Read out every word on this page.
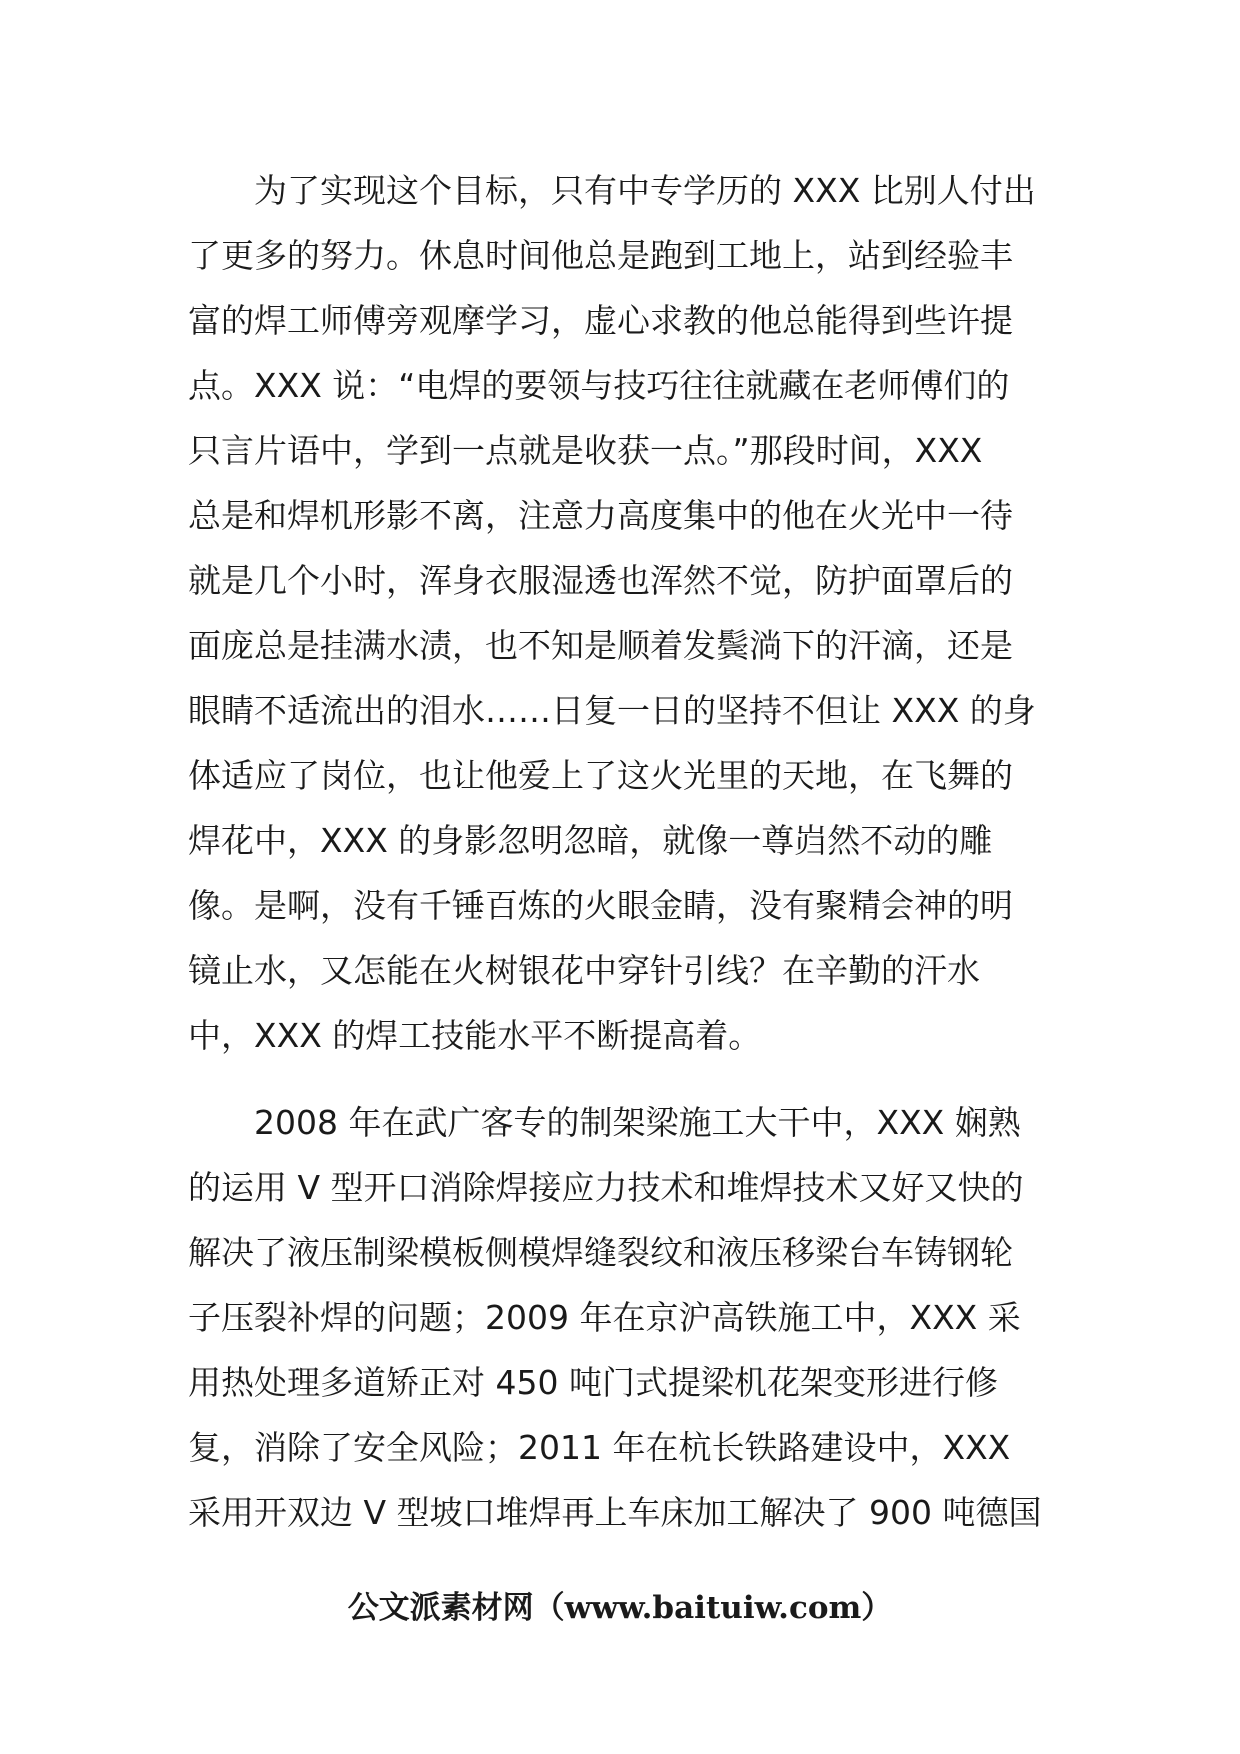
　　为了实现这个目标，只有中专学历的 XXX 比别人付出
了更多的努力。休息时间他总是跑到工地上，站到经验丰
富的焊工师傅旁观摩学习，虚心求教的他总能得到些许提
点。XXX 说：“电焊的要领与技巧往往就藏在老师傅们的
只言片语中，学到一点就是收获一点。”那段时间，XXX
总是和焊机形影不离，注意力高度集中的他在火光中一待
就是几个小时，浑身衣服湿透也浑然不觉，防护面罩后的
面庞总是挂满水渍，也不知是顺着发鬓淌下的汗滴，还是
眼睛不适流出的泪水……日复一日的坚持不但让 XXX 的身
体适应了岗位，也让他爱上了这火光里的天地，在飞舞的
焊花中，XXX 的身影忽明忽暗，就像一尊岿然不动的雕
像。是啊，没有千锤百炼的火眼金睛，没有聚精会神的明
镜止水，又怎能在火树银花中穿针引线？在辛勤的汗水
中，XXX 的焊工技能水平不断提高着。
　　2008 年在武广客专的制架梁施工大干中，XXX 娴熟
的运用 V 型开口消除焊接应力技术和堆焊技术又好又快的
解决了液压制梁模板侧模焊缝裂纹和液压移梁台车铸钢轮
子压裂补焊的问题；2009 年在京沪高铁施工中，XXX 采
用热处理多道矫正对 450 吨门式提梁机花架变形进行修
复，消除了安全风险；2011 年在杭长铁路建设中，XXX
采用开双边 V 型坡口堆焊再上车床加工解决了 900 吨德国
公文派素材网（www.baituiw.com）
